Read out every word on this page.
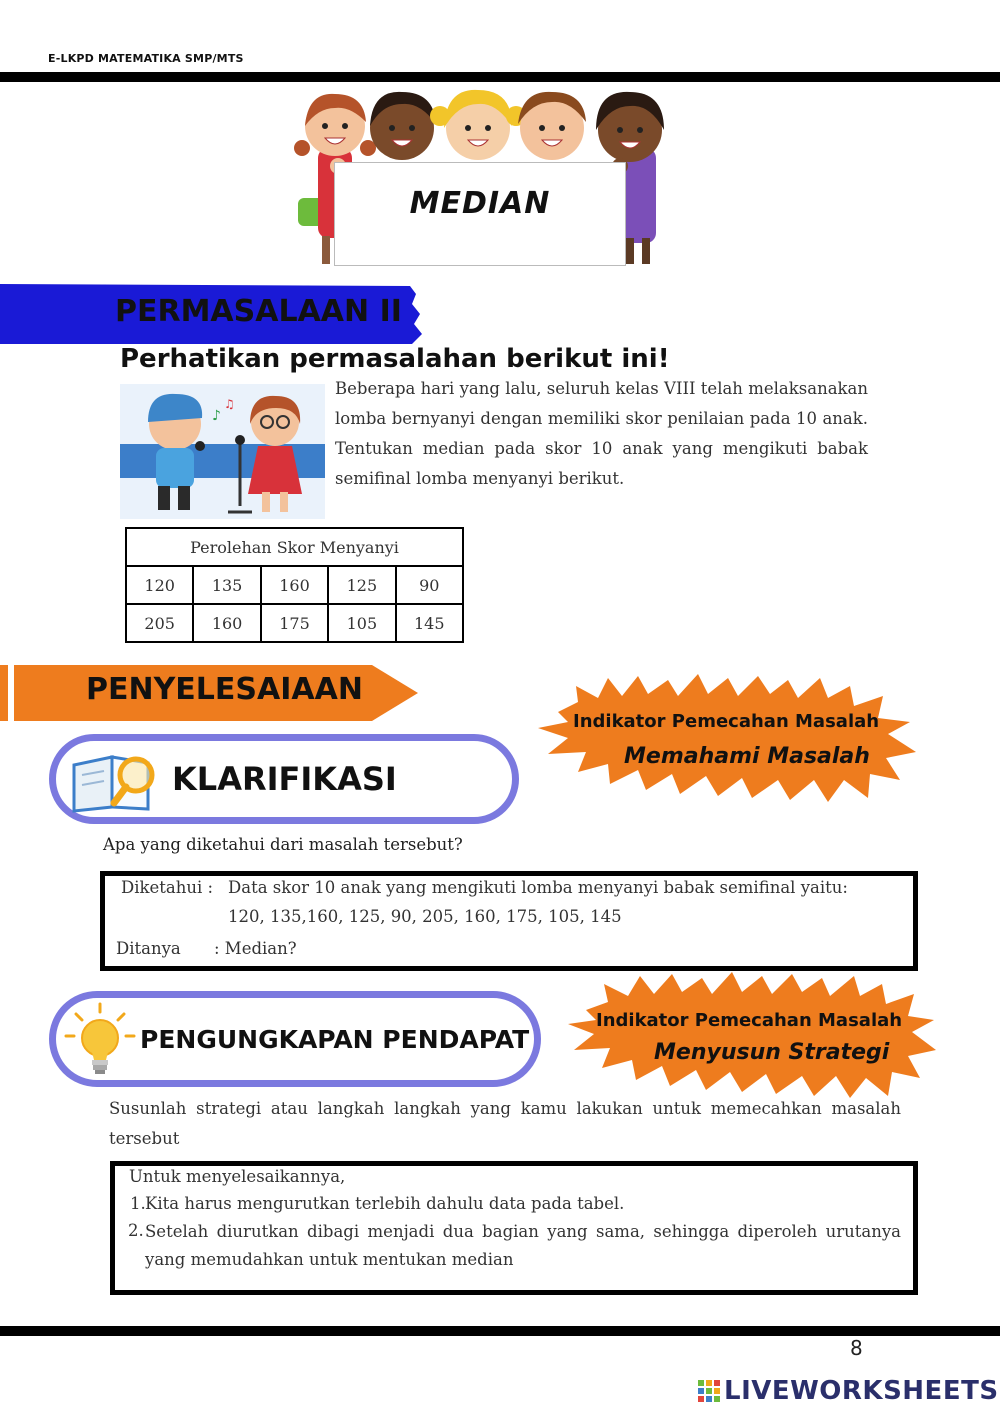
E-LKPD MATEMATIKA SMP/MTS
MEDIAN
PERMASALAAN II
Perhatikan permasalahan berikut ini!
♪
♫
Beberapa hari yang lalu, seluruh kelas VIII telah melaksanakan lomba bernyanyi dengan memiliki skor penilaian pada 10 anak. Tentukan median pada skor 10 anak yang mengikuti babak semifinal lomba menyanyi berikut.
Perolehan Skor Menyanyi				
120	135	160	125	90
205	160	175	105	145
PENYELESAIAAN
Indikator Pemecahan Masalah
Memahami Masalah
KLARIFIKASI
Apa yang diketahui dari masalah tersebut?
Diketahui : Data skor 10 anak yang mengikuti lomba menyanyi babak semifinal yaitu:
120, 135,160, 125, 90, 205, 160, 175, 105, 145
Ditanya : Median?
Indikator Pemecahan Masalah
Menyusun Strategi
PENGUNGKAPAN PENDAPAT
Susunlah strategi atau langkah langkah yang kamu lakukan untuk memecahkan masalah tersebut
Untuk menyelesaikannya,
1. Kita harus mengurutkan terlebih dahulu data pada tabel.
2. Setelah diurutkan dibagi menjadi dua bagian yang sama, sehingga diperoleh urutanya yang memudahkan untuk mentukan median
8
LIVEWORKSHEETS
